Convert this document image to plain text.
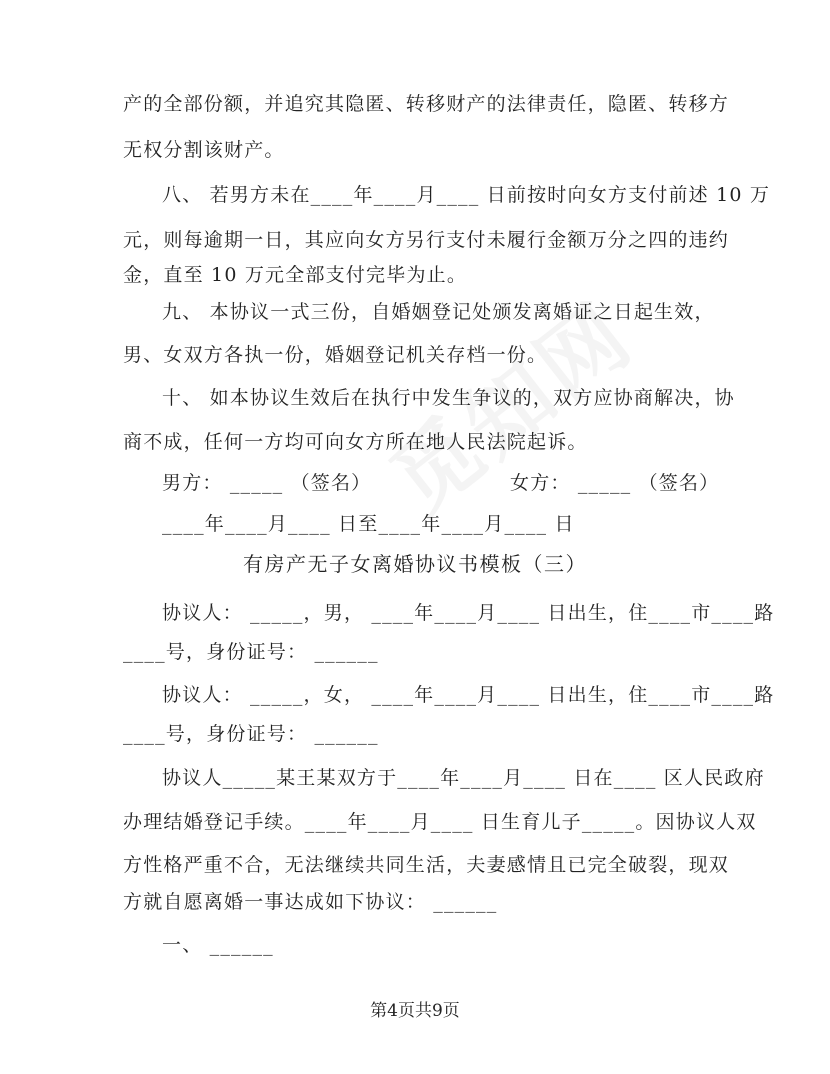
产的全部份额，并追究其隐匿、转移财产的法律责任，隐匿、转移方
无权分割该财产。
八、 若男方未在____年____月____ 日前按时向女方支付前述 10 万
元，则每逾期一日，其应向女方另行支付未履行金额万分之四的违约
金，直至 10 万元全部支付完毕为止。
九、 本协议一式三份，自婚姻登记处颁发离婚证之日起生效，
男、女双方各执一份，婚姻登记机关存档一份。
十、 如本协议生效后在执行中发生争议的，双方应协商解决，协
商不成，任何一方均可向女方所在地人民法院起诉。
男方： _____ （签名）	女方： _____ （签名）
____年____月____ 日至____年____月____ 日
有房产无子女离婚协议书模板（三）
协议人： _____，男， ____年____月____ 日出生，住____市____路
____号，身份证号： ______
协议人： _____，女， ____年____月____ 日出生，住____市____路
____号，身份证号： ______
协议人_____某王某双方于____年____月____ 日在____ 区人民政府
办理结婚登记手续。____年____月____ 日生育儿子_____。因协议人双
方性格严重不合，无法继续共同生活，夫妻感情且已完全破裂，现双
方就自愿离婚一事达成如下协议： ______
一、 ______
第4页共9页
